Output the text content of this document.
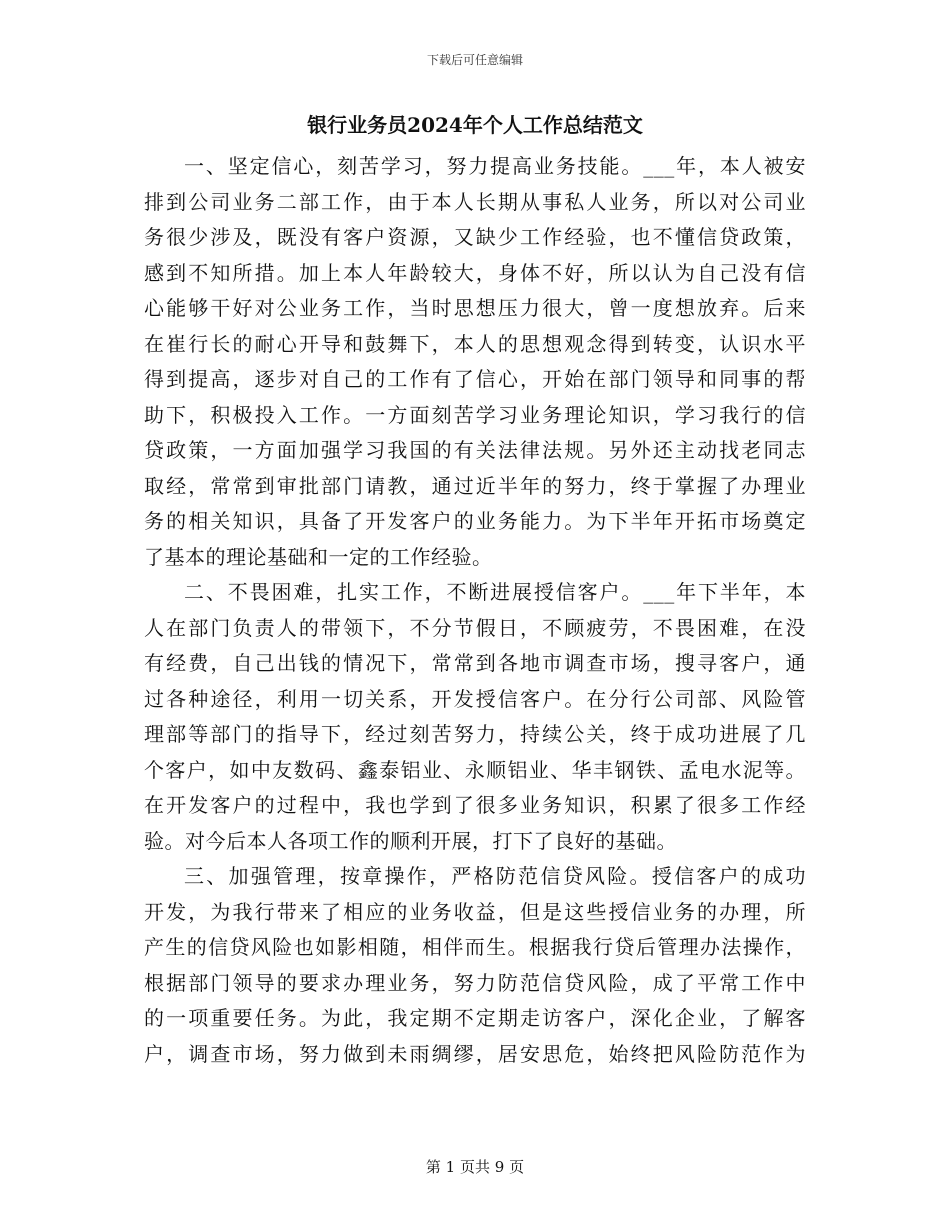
下载后可任意编辑
银行业务员2024年个人工作总结范文

一、坚定信心，刻苦学习，努力提高业务技能。___年，本人被安
排到公司业务二部工作，由于本人长期从事私人业务，所以对公司业
务很少涉及，既没有客户资源，又缺少工作经验，也不懂信贷政策，
感到不知所措。加上本人年龄较大，身体不好，所以认为自己没有信
心能够干好对公业务工作，当时思想压力很大，曾一度想放弃。后来
在崔行长的耐心开导和鼓舞下，本人的思想观念得到转变，认识水平
得到提高，逐步对自己的工作有了信心，开始在部门领导和同事的帮
助下，积极投入工作。一方面刻苦学习业务理论知识，学习我行的信
贷政策，一方面加强学习我国的有关法律法规。另外还主动找老同志
取经，常常到审批部门请教，通过近半年的努力，终于掌握了办理业
务的相关知识，具备了开发客户的业务能力。为下半年开拓市场奠定
了基本的理论基础和一定的工作经验。

二、不畏困难，扎实工作，不断进展授信客户。___年下半年，本
人在部门负责人的带领下，不分节假日，不顾疲劳，不畏困难，在没
有经费，自己出钱的情况下，常常到各地市调查市场，搜寻客户，通
过各种途径，利用一切关系，开发授信客户。在分行公司部、风险管
理部等部门的指导下，经过刻苦努力，持续公关，终于成功进展了几
个客户，如中友数码、鑫泰铝业、永顺铝业、华丰钢铁、孟电水泥等。
在开发客户的过程中，我也学到了很多业务知识，积累了很多工作经
验。对今后本人各项工作的顺利开展，打下了良好的基础。

三、加强管理，按章操作，严格防范信贷风险。授信客户的成功
开发，为我行带来了相应的业务收益，但是这些授信业务的办理，所
产生的信贷风险也如影相随，相伴而生。根据我行贷后管理办法操作，
根据部门领导的要求办理业务，努力防范信贷风险，成了平常工作中
的一项重要任务。为此，我定期不定期走访客户，深化企业，了解客
户，调查市场，努力做到未雨绸缪，居安思危，始终把风险防范作为

第 1 页共 9 页
